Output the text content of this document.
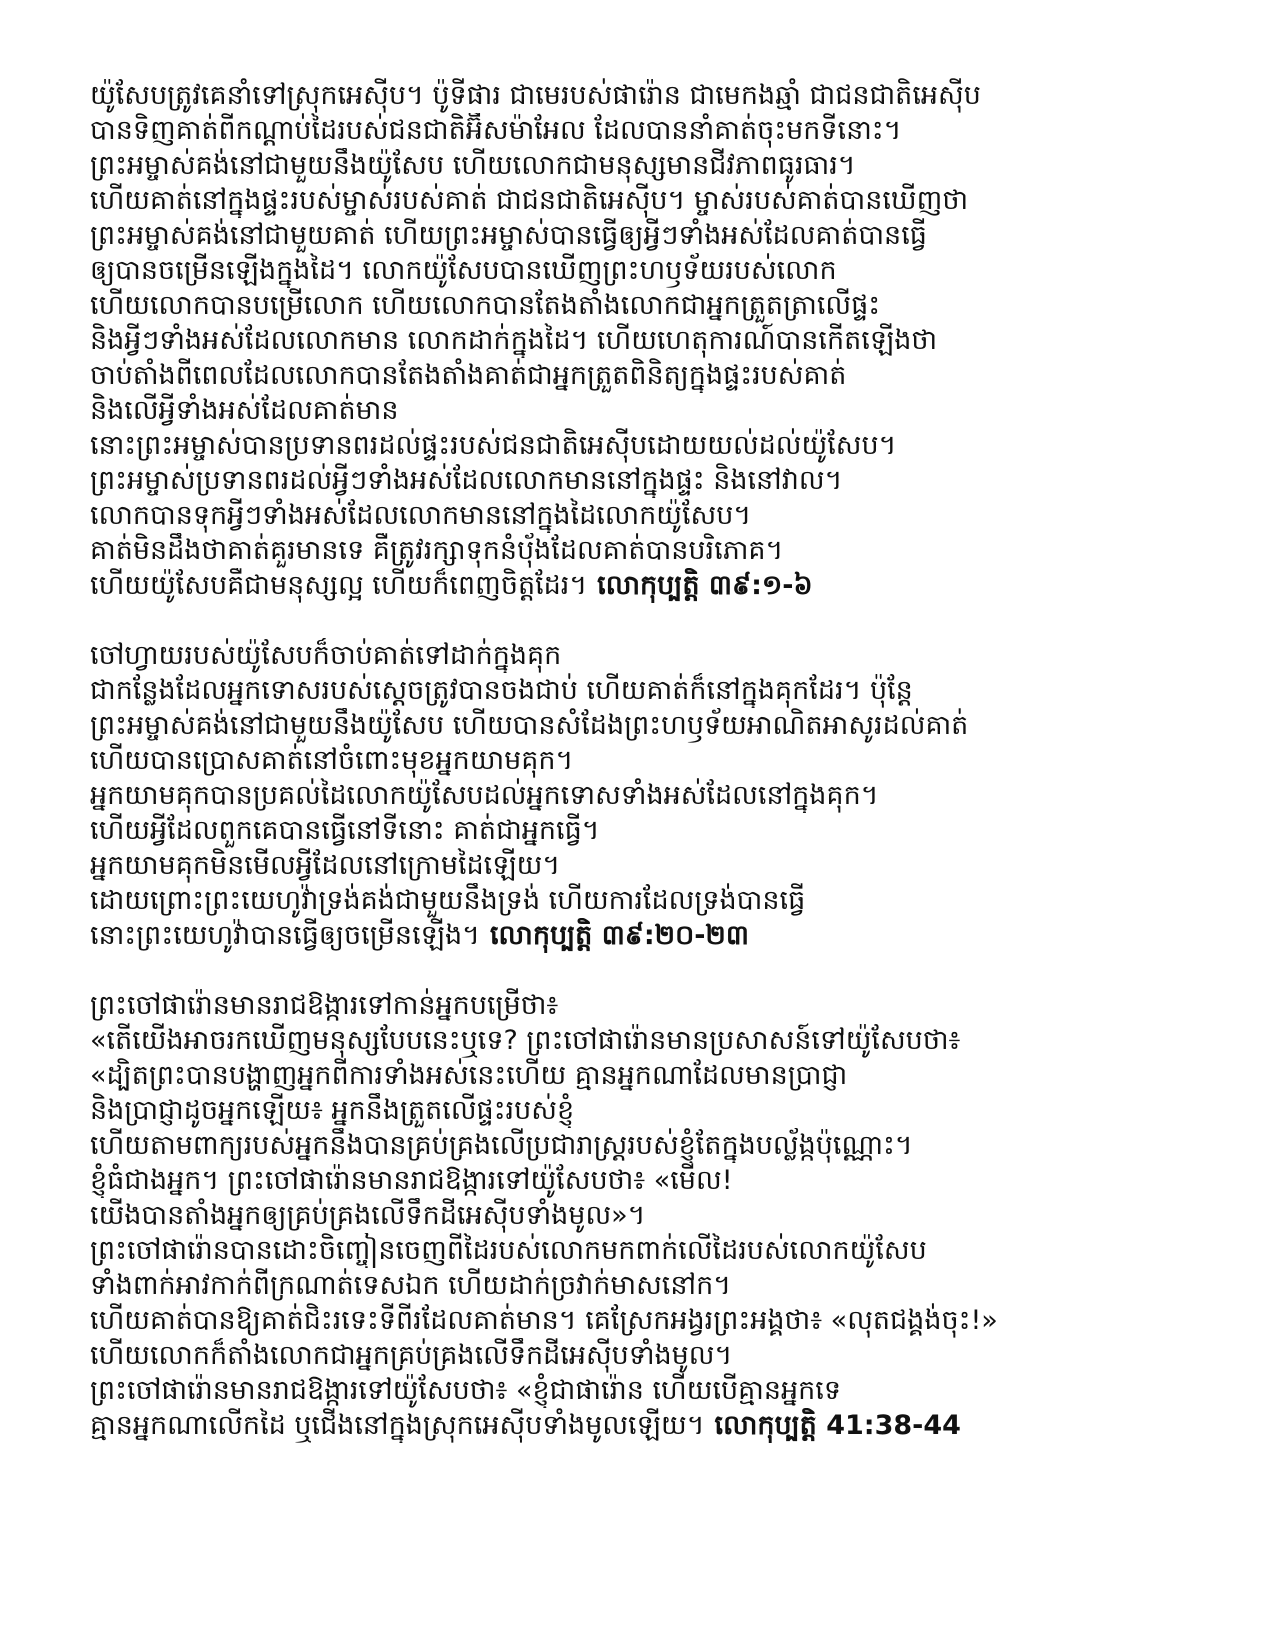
យ៉ូសែបត្រូវគេនាំទៅស្រុកអេស៊ីប។ ប៉ូទីផារ ជាមេរបស់ផារ៉ោន ជាមេកងឆ្មាំ ជាជនជាតិអេស៊ីប
បានទិញគាត់ពីកណ្តាប់ដៃរបស់ជនជាតិអ៊ីសម៉ាអែល ដែលបាននាំគាត់ចុះមកទីនោះ។
ព្រះអម្ចាស់គង់នៅជាមួយនឹងយ៉ូសែប ហើយលោកជាមនុស្សមានជីវភាពធូរធារ។
ហើយគាត់នៅក្នុងផ្ទះរបស់ម្ចាស់របស់គាត់ ជាជនជាតិអេស៊ីប។ ម្ចាស់របស់គាត់បានឃើញថា
ព្រះអម្ចាស់គង់នៅជាមួយគាត់ ហើយព្រះអម្ចាស់បានធ្វើឲ្យអ្វីៗទាំងអស់ដែលគាត់បានធ្វើ
ឲ្យបានចម្រើនឡើងក្នុងដៃ។ លោកយ៉ូសែបបានឃើញព្រះហឫទ័យរបស់លោក
ហើយលោកបានបម្រើលោក ហើយលោកបានតែងតាំងលោកជាអ្នកត្រួតត្រាលើផ្ទះ
និងអ្វីៗទាំងអស់ដែលលោកមាន លោកដាក់ក្នុងដៃ។ ហើយហេតុការណ៍បានកើតឡើងថា
ចាប់តាំងពីពេលដែលលោកបានតែងតាំងគាត់ជាអ្នកត្រួតពិនិត្យក្នុងផ្ទះរបស់គាត់
និងលើអ្វីទាំងអស់ដែលគាត់មាន
នោះព្រះអម្ចាស់បានប្រទានពរដល់ផ្ទះរបស់ជនជាតិអេស៊ីបដោយយល់ដល់យ៉ូសែប។
ព្រះអម្ចាស់ប្រទានពរដល់អ្វីៗទាំងអស់ដែលលោកមាននៅក្នុងផ្ទះ និងនៅវាល។
លោកបានទុកអ្វីៗទាំងអស់ដែលលោកមាននៅក្នុងដៃលោកយ៉ូសែប។
គាត់មិនដឹងថាគាត់គួរមានទេ គឺត្រូវរក្សាទុកនំប៉័ងដែលគាត់បានបរិភោគ។
ហើយយ៉ូសែបគឺជាមនុស្សល្អ ហើយក៏ពេញចិត្តដែរ។ លោកុប្បត្តិ ៣៩:១-៦
ចៅហ្វាយរបស់យ៉ូសែបក៏ចាប់គាត់ទៅដាក់ក្នុងគុក
ជាកន្លែងដែលអ្នកទោសរបស់ស្តេចត្រូវបានចងជាប់ ហើយគាត់ក៏នៅក្នុងគុកដែរ។ ប៉ុន្តែ
ព្រះអម្ចាស់គង់នៅជាមួយនឹងយ៉ូសែប ហើយបានសំដែងព្រះហឫទ័យអាណិតអាសូរដល់គាត់
ហើយបានប្រោសគាត់នៅចំពោះមុខអ្នកយាមគុក។
អ្នកយាមគុកបានប្រគល់ដៃលោកយ៉ូសែបដល់អ្នកទោសទាំងអស់ដែលនៅក្នុងគុក។
ហើយអ្វីដែលពួកគេបានធ្វើនៅទីនោះ គាត់ជាអ្នកធ្វើ។
អ្នកយាមគុកមិនមើលអ្វីដែលនៅក្រោមដៃឡើយ។
ដោយព្រោះព្រះយេហូវ៉ាទ្រង់គង់ជាមួយនឹងទ្រង់ ហើយការដែលទ្រង់បានធ្វើ
នោះព្រះយេហូវ៉ាបានធ្វើឲ្យចម្រើនឡើង។ លោកុប្បត្តិ ៣៩:២០-២៣
ព្រះចៅផារ៉ោនមានរាជឱង្ការទៅកាន់អ្នកបម្រើថា៖
«តើយើងអាចរកឃើញមនុស្សបែបនេះឬទេ? ព្រះចៅផារ៉ោនមានប្រសាសន៍ទៅយ៉ូសែបថា៖
«ដ្បិតព្រះបានបង្ហាញអ្នកពីការទាំងអស់នេះហើយ គ្មានអ្នកណាដែលមានប្រាជ្ញា
និងប្រាជ្ញាដូចអ្នកឡើយ៖ អ្នកនឹងត្រួតលើផ្ទះរបស់ខ្ញុំ
ហើយតាមពាក្យរបស់អ្នកនឹងបានគ្រប់គ្រងលើប្រជារាស្ត្ររបស់ខ្ញុំតែក្នុងបល្ល័ង្កប៉ុណ្ណោះ។
ខ្ញុំធំជាងអ្នក។ ព្រះចៅផារ៉ោនមានរាជឱង្ការទៅយ៉ូសែបថា៖ «មើល!
យើងបានតាំងអ្នកឲ្យគ្រប់គ្រងលើទឹកដីអេស៊ីបទាំងមូល»។
ព្រះចៅផារ៉ោនបានដោះចិញ្ចៀនចេញពីដៃរបស់លោកមកពាក់លើដៃរបស់លោកយ៉ូសែប
ទាំងពាក់អាវកាក់ពីក្រណាត់ទេសឯក ហើយដាក់ច្រវាក់មាសនៅក។
ហើយគាត់បានឱ្យគាត់ជិះរទេះទីពីរដែលគាត់មាន។ គេស្រែកអង្វរព្រះអង្គថា៖ «លុតជង្គង់ចុះ!»
ហើយលោកក៏តាំងលោកជាអ្នកគ្រប់គ្រងលើទឹកដីអេស៊ីបទាំងមូល។
ព្រះចៅផារ៉ោនមានរាជឱង្ការទៅយ៉ូសែបថា៖ «ខ្ញុំជាផារ៉ោន ហើយបើគ្មានអ្នកទេ
គ្មានអ្នកណាលើកដៃ ឬជើងនៅក្នុងស្រុកអេស៊ីបទាំងមូលឡើយ។ លោកុប្បត្តិ 41:38-44
